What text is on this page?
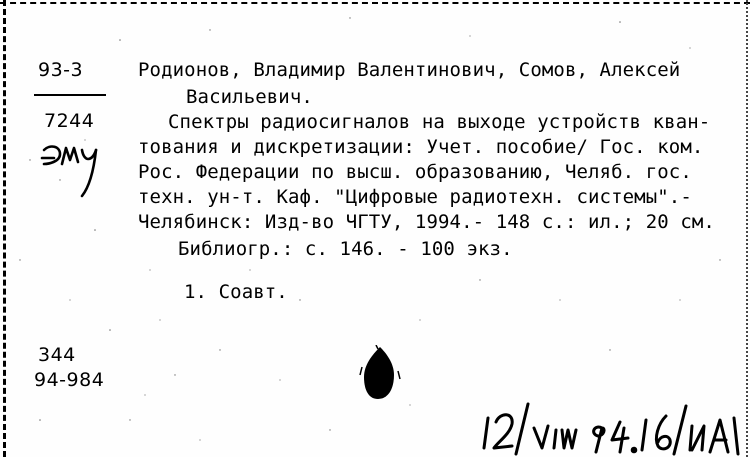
93-3
7244
Эту
Родионов, Владимир Валентинович, Сомов, Алексей
Васильевич.
Спектры радиосигналов на выходе устройств кван-
тования и дискретизации: Учет. пособие/ Гос. ком.
Рос. Федерации по высш. образованию, Челяб. гос.
техн. ун-т. Каф. "Цифровые радиотехн. системы".-
Челябинск: Изд-во ЧГТУ, 1994.- 148 с.: ил.; 20 см.
Библиогр.: с. 146. - 100 экз.
1. Соавт.
344
94-984
12/VIII 94. I6/ИА
